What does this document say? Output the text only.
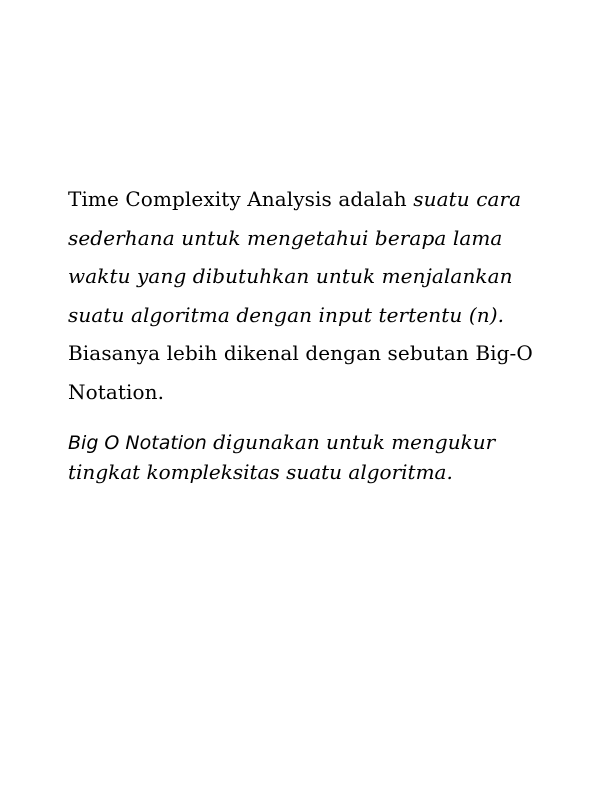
Time Complexity Analysis adalah suatu cara
sederhana untuk mengetahui berapa lama
waktu yang dibutuhkan untuk menjalankan
suatu algoritma dengan input tertentu (n).
Biasanya lebih dikenal dengan sebutan Big-O
Notation.
Big O Notation digunakan untuk mengukur
tingkat kompleksitas suatu algoritma.
